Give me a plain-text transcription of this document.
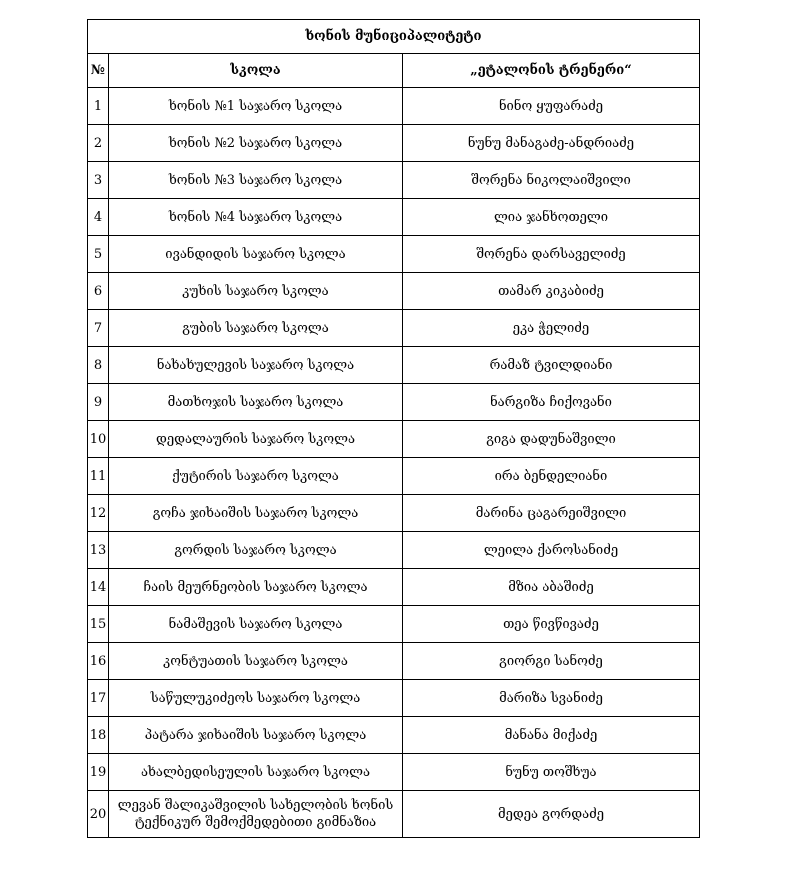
ხონის მუნიციპალიტეტი		
№	სკოლა	„ეტალონის ტრენერი“
1	ხონის №1 საჯარო სკოლა	ნინო ყუფარაძე
2	ხონის №2 საჯარო სკოლა	ნუნუ მანაგაძე-ანდრიაძე
3	ხონის №3 საჯარო სკოლა	შორენა ნიკოლაიშვილი
4	ხონის №4 საჯარო სკოლა	ლია ჯანხოთელი
5	ივანდიდის საჯარო სკოლა	შორენა დარსაველიძე
6	კუხის საჯარო სკოლა	თამარ კიკაბიძე
7	გუბის საჯარო სკოლა	ეკა ჭელიძე
8	ნახახულევის საჯარო სკოლა	რამაზ ტვილდიანი
9	მათხოჯის საჯარო სკოლა	ნარგიზა ჩიქოვანი
10	დედალაურის საჯარო სკოლა	გიგა დადუნაშვილი
11	ქუტირის საჯარო სკოლა	ირა ბენდელიანი
12	გოჩა ჯიხაიშის საჯარო სკოლა	მარინა ცაგარეიშვილი
13	გორდის საჯარო სკოლა	ლეილა ქაროსანიძე
14	ჩაის მეურნეობის საჯარო სკოლა	მზია აბაშიძე
15	ნამაშევის საჯარო სკოლა	თეა წივწივაძე
16	კონტუათის საჯარო სკოლა	გიორგი სანოძე
17	საწულუკიძეოს საჯარო სკოლა	მარიზა სვანიძე
18	პატარა ჯიხაიშის საჯარო სკოლა	მანანა მიქაძე
19	ახალბედისეულის საჯარო სკოლა	ნუნუ თოშხუა
20	ლევან შალიკაშვილის სახელობის ხონის ტექნიკურ შემოქმედებითი გიმნაზია	მედეა გორდაძე
